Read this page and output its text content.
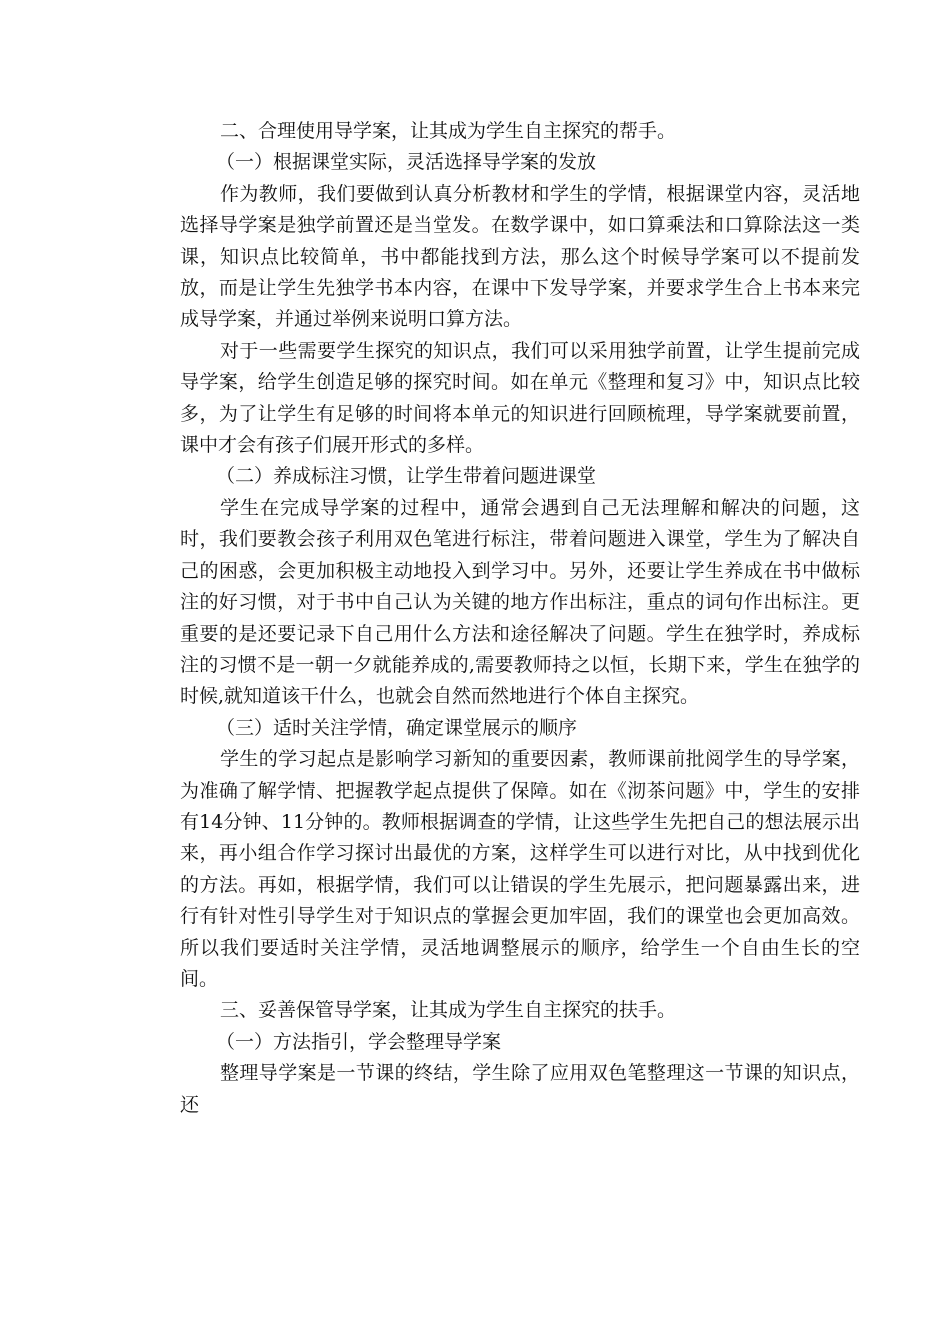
二、合理使用导学案，让其成为学生自主探究的帮手。

（一）根据课堂实际，灵活选择导学案的发放

作为教师，我们要做到认真分析教材和学生的学情，根据课堂内容，灵活地选择导学案是独学前置还是当堂发。在数学课中，如口算乘法和口算除法这一类课，知识点比较简单，书中都能找到方法，那么这个时候导学案可以不提前发放，而是让学生先独学书本内容，在课中下发导学案，并要求学生合上书本来完成导学案，并通过举例来说明口算方法。

对于一些需要学生探究的知识点，我们可以采用独学前置，让学生提前完成导学案，给学生创造足够的探究时间。如在单元《整理和复习》中，知识点比较多，为了让学生有足够的时间将本单元的知识进行回顾梳理，导学案就要前置，课中才会有孩子们展开形式的多样。

（二）养成标注习惯，让学生带着问题进课堂

学生在完成导学案的过程中，通常会遇到自己无法理解和解决的问题，这时，我们要教会孩子利用双色笔进行标注，带着问题进入课堂，学生为了解决自己的困惑，会更加积极主动地投入到学习中。另外，还要让学生养成在书中做标注的好习惯，对于书中自己认为关键的地方作出标注，重点的词句作出标注。更重要的是还要记录下自己用什么方法和途径解决了问题。学生在独学时，养成标注的习惯不是一朝一夕就能养成的,需要教师持之以恒，长期下来，学生在独学的时候,就知道该干什么，也就会自然而然地进行个体自主探究。

（三）适时关注学情，确定课堂展示的顺序

学生的学习起点是影响学习新知的重要因素，教师课前批阅学生的导学案，为准确了解学情、把握教学起点提供了保障。如在《沏茶问题》中，学生的安排有14分钟、11分钟的。教师根据调查的学情，让这些学生先把自己的想法展示出来，再小组合作学习探讨出最优的方案，这样学生可以进行对比，从中找到优化的方法。再如，根据学情，我们可以让错误的学生先展示，把问题暴露出来，进行有针对性引导学生对于知识点的掌握会更加牢固，我们的课堂也会更加高效。所以我们要适时关注学情，灵活地调整展示的顺序，给学生一个自由生长的空间。

三、妥善保管导学案，让其成为学生自主探究的扶手。

（一）方法指引，学会整理导学案

整理导学案是一节课的终结，学生除了应用双色笔整理这一节课的知识点，还
